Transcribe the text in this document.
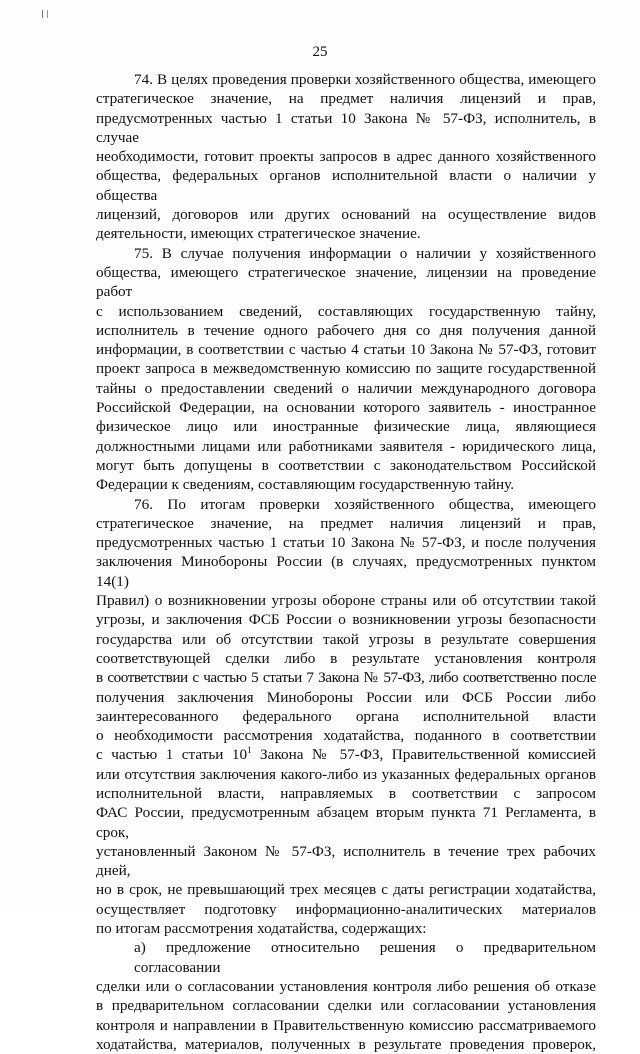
25

74. В целях проведения проверки хозяйственного общества, имеющего
стратегическое значение, на предмет наличия лицензий и прав,
предусмотренных частью 1 статьи 10 Закона № 57-ФЗ, исполнитель, в случае
необходимости, готовит проекты запросов в адрес данного хозяйственного
общества, федеральных органов исполнительной власти о наличии у общества
лицензий, договоров или других оснований на осуществление видов
деятельности, имеющих стратегическое значение.

75. В случае получения информации о наличии у хозяйственного
общества, имеющего стратегическое значение, лицензии на проведение работ
с использованием сведений, составляющих государственную тайну,
исполнитель в течение одного рабочего дня со дня получения данной
информации, в соответствии с частью 4 статьи 10 Закона № 57-ФЗ, готовит
проект запроса в межведомственную комиссию по защите государственной
тайны о предоставлении сведений о наличии международного договора
Российской Федерации, на основании которого заявитель - иностранное
физическое лицо или иностранные физические лица, являющиеся
должностными лицами или работниками заявителя - юридического лица,
могут быть допущены в соответствии с законодательством Российской
Федерации к сведениям, составляющим государственную тайну.

76. По итогам проверки хозяйственного общества, имеющего
стратегическое значение, на предмет наличия лицензий и прав,
предусмотренных частью 1 статьи 10 Закона № 57-ФЗ, и после получения
заключения Минобороны России (в случаях, предусмотренных пунктом 14(1)
Правил) о возникновении угрозы обороне страны или об отсутствии такой
угрозы, и заключения ФСБ России о возникновении угрозы безопасности
государства или об отсутствии такой угрозы в результате совершения
соответствующей сделки либо в результате установления контроля
в соответствии с частью 5 статьи 7 Закона № 57-ФЗ, либо соответственно после
получения заключения Минобороны России или ФСБ России либо
заинтересованного федерального органа исполнительной власти
о необходимости рассмотрения ходатайства, поданного в соответствии
с частью 1 статьи $10^1$ Закона № 57-ФЗ, Правительственной комиссией
или отсутствия заключения какого-либо из указанных федеральных органов
исполнительной власти, направляемых в соответствии с запросом
ФАС России, предусмотренным абзацем вторым пункта 71 Регламента, в срок,
установленный Законом № 57-ФЗ, исполнитель в течение трех рабочих дней,
но в срок, не превышающий трех месяцев с даты регистрации ходатайства,
осуществляет подготовку информационно-аналитических материалов
по итогам рассмотрения ходатайства, содержащих:

а) предложение относительно решения о предварительном согласовании
сделки или о согласовании установления контроля либо решения об отказе
в предварительном согласовании сделки или согласовании установления
контроля и направлении в Правительственную комиссию рассматриваемого
ходатайства, материалов, полученных в результате проведения проверок,
